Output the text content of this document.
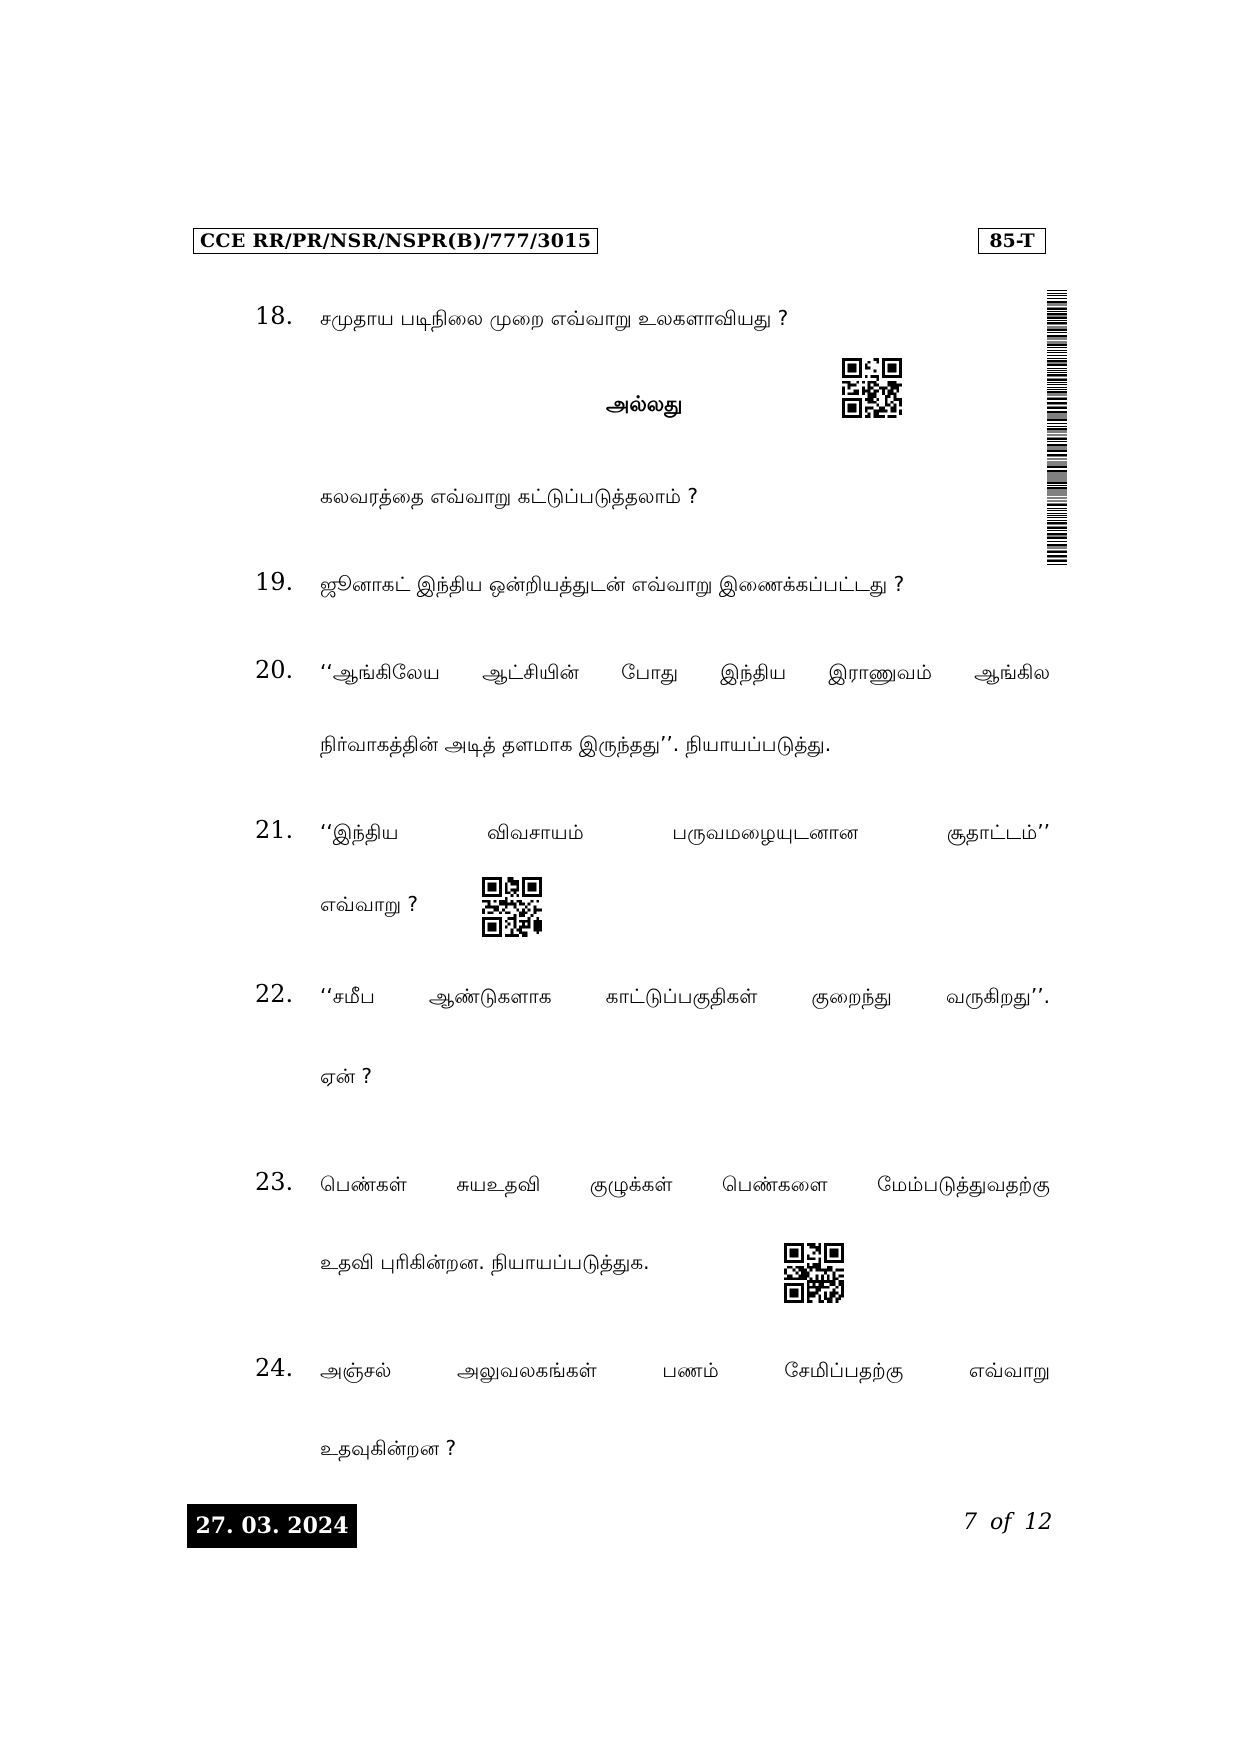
CCE RR/PR/NSR/NSPR(B)/777/3015	85-T
18. சமுதாய படிநிலை முறை எவ்வாறு உலகளாவியது ?
அல்லது
கலவரத்தை எவ்வாறு கட்டுப்படுத்தலாம் ?
19. ஜூனாகட் இந்திய ஒன்றியத்துடன் எவ்வாறு இணைக்கப்பட்டது ?
20. ‘‘ஆங்கிலேய ஆட்சியின் போது இந்திய இராணுவம் ஆங்கில
நிர்வாகத்தின் அடித் தளமாக இருந்தது’’. நியாயப்படுத்து.
21. ‘‘இந்திய	விவசாயம்	பருவமழையுடனான	சூதாட்டம்’’
எவ்வாறு ?
22. ‘‘சமீப	ஆண்டுகளாக	காட்டுப்பகுதிகள்	குறைந்து	வருகிறது’’.
ஏன் ?
23. பெண்கள் சுயஉதவி குழுக்கள் பெண்களை மேம்படுத்துவதற்கு
உதவி புரிகின்றன. நியாயப்படுத்துக.
24. அஞ்சல்	அலுவலகங்கள்	பணம்	சேமிப்பதற்கு	எவ்வாறு
உதவுகின்றன ?
27. 03. 2024	7 of 12
